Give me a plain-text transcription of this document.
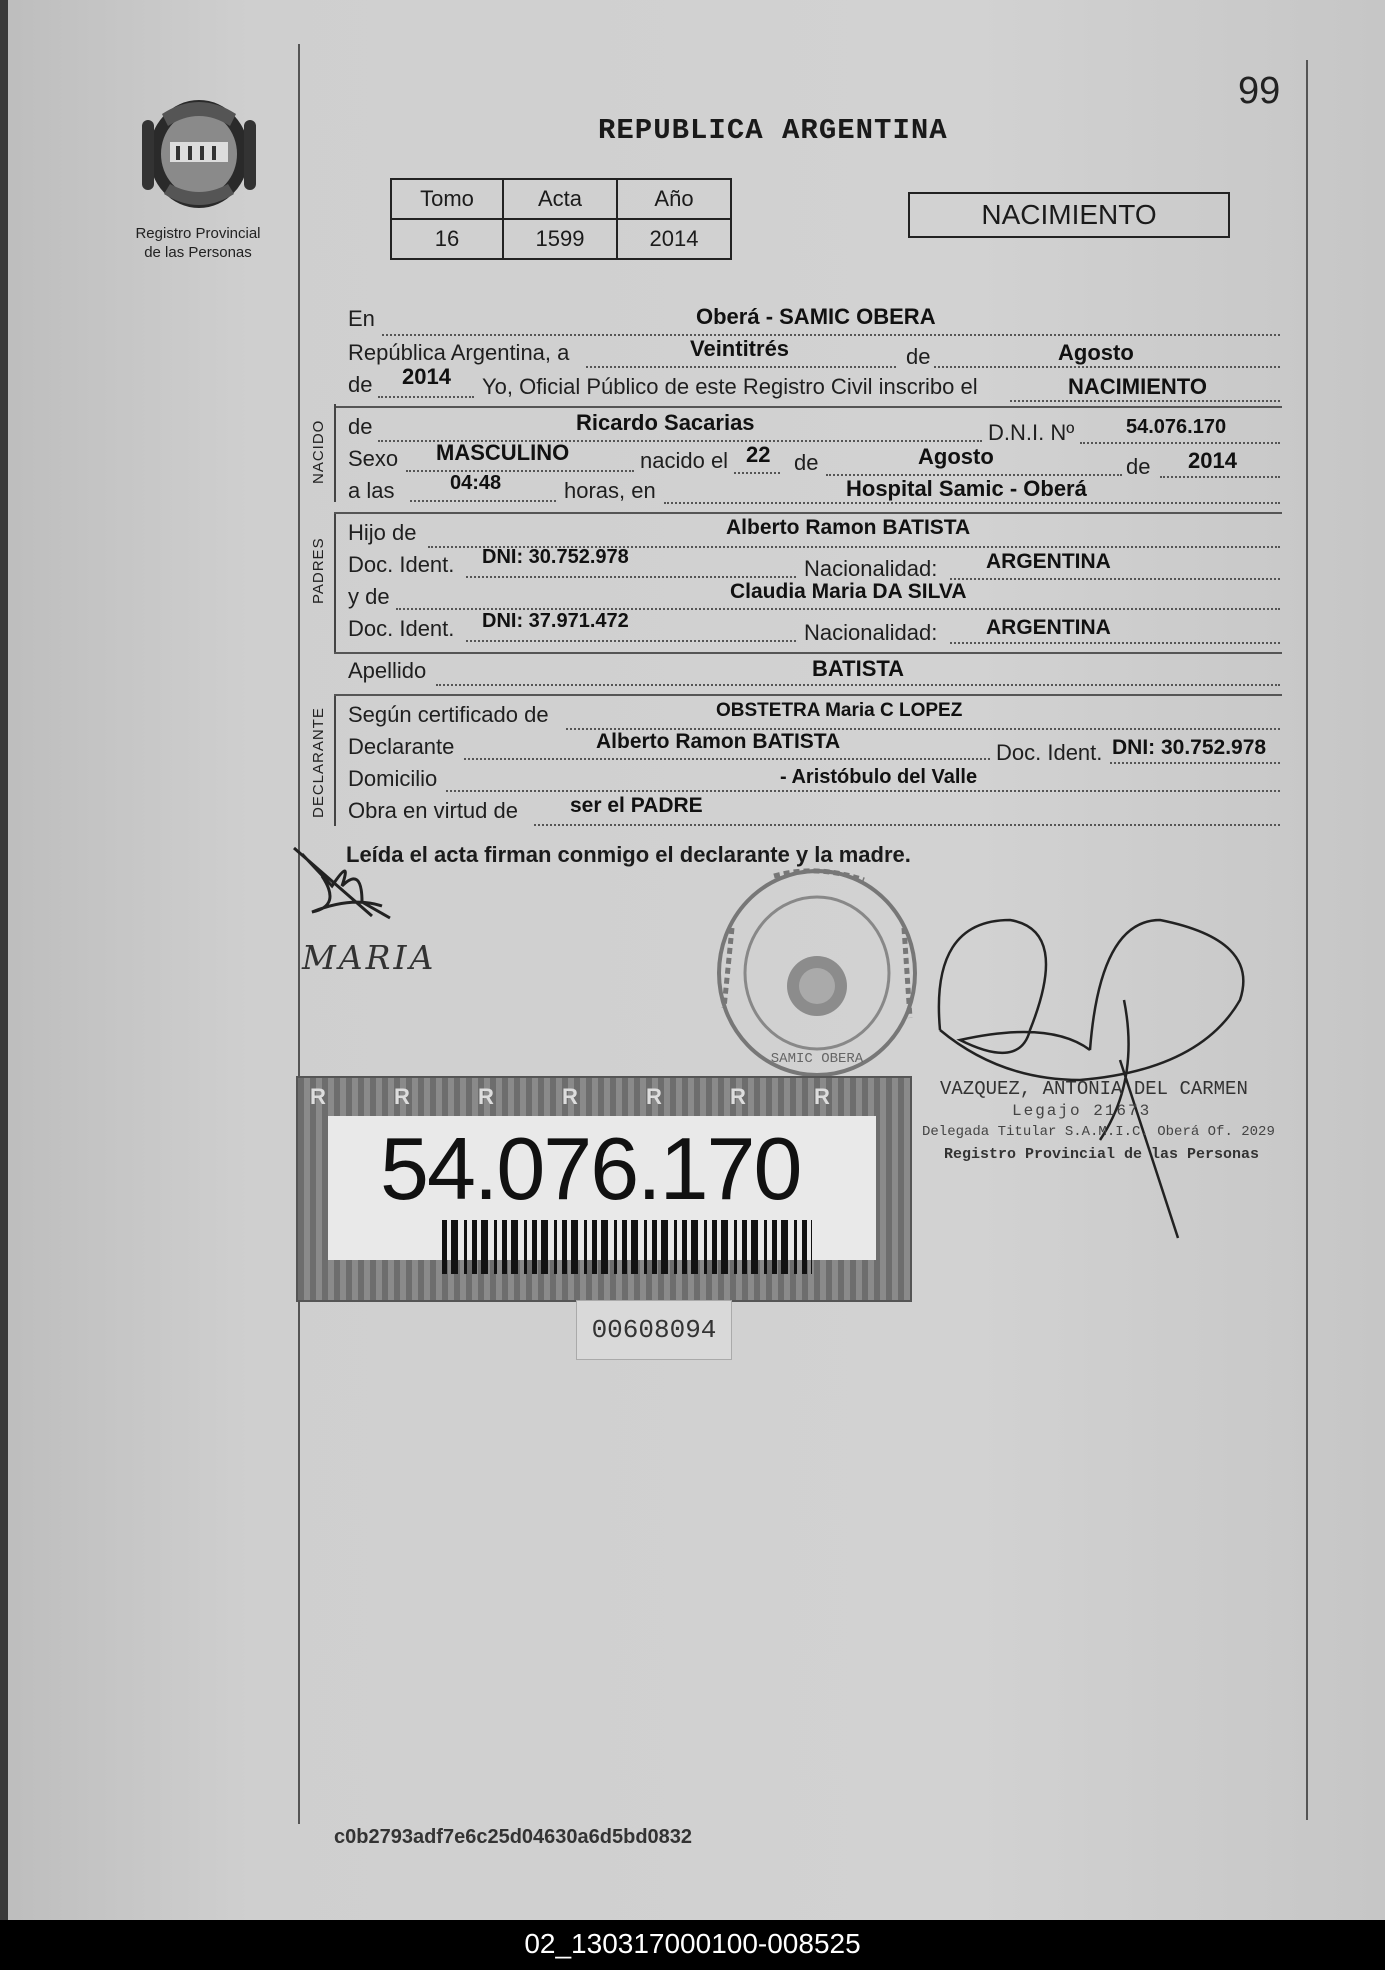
99
Registro Provincial
de las Personas
REPUBLICA ARGENTINA
Tomo	Acta	Año
16	1599	2014
NACIMIENTO
En	Oberá - SAMIC OBERA
República Argentina, a	Veintitrés	de	Agosto
de 2014 Yo, Oficial Público de este Registro Civil inscribo el	NACIMIENTO
NACIDO de	Ricardo Sacarias	D.N.I. Nº	54.076.170
Sexo MASCULINO	nacido el 22 de	Agosto	de 2014
a las	04:48	horas, en	Hospital Samic - Oberá
PADRES
Hijo de	Alberto Ramon BATISTA
Doc. Ident. DNI: 30.752.978	Nacionalidad: ARGENTINA
y de	Claudia Maria DA SILVA
Doc. Ident. DNI: 37.971.472	Nacionalidad: ARGENTINA
Apellido	BATISTA
DECLARANTE Según certificado de	OBSTETRA Maria C LOPEZ
Declarante	Alberto Ramon BATISTA	Doc. Ident. DNI: 30.752.978
Domicilio	- Aristóbulo del Valle
Obra en virtud de ser el PADRE
Leída el acta firman conmigo el declarante y la madre.
MARIA
SAMIC OBERA
VAZQUEZ, ANTONIA DEL CARMEN
Legajo 21673
Delegada Titular S.A.M.I.C. Oberá Of. 2029
Registro Provincial de las Personas
R	R	R	R	R	R	R
54.076.170
00608094
c0b2793adf7e6c25d04630a6d5bd0832
02_130317000100-008525
